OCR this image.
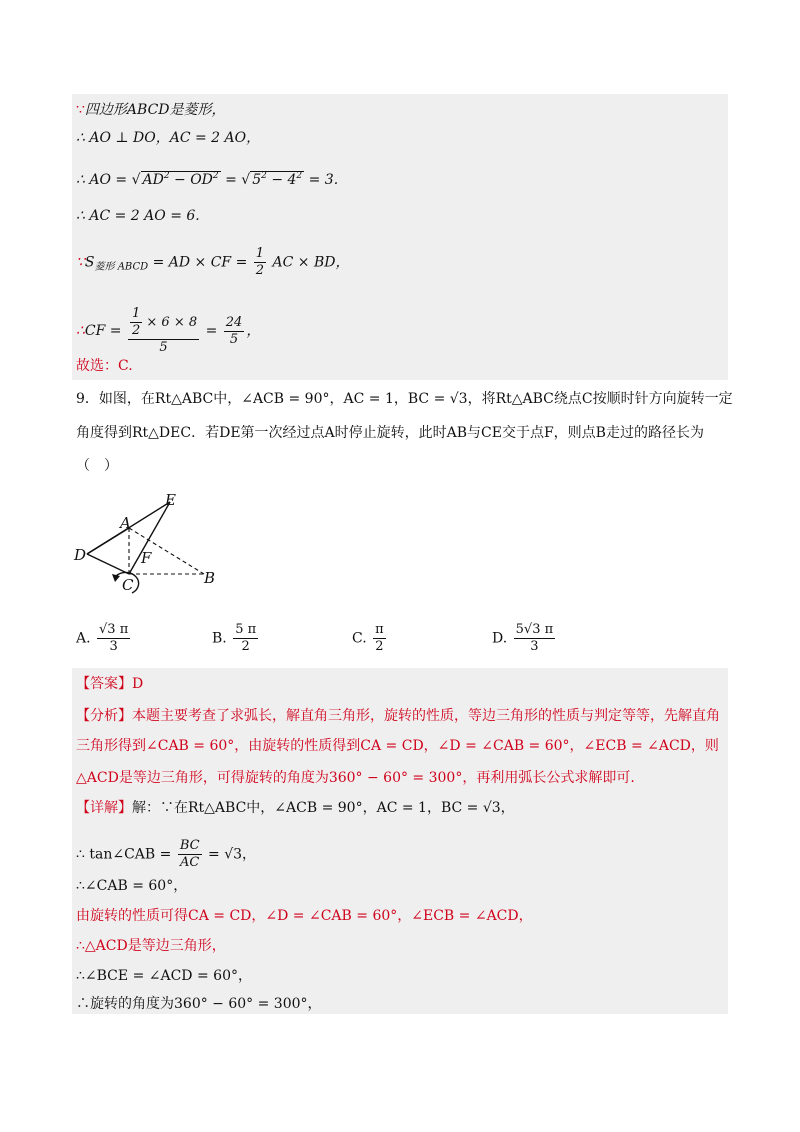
∵四边形ABCD是菱形，
∴ AO ⊥ DO，AC = 2 AO，
∴ AO = √ $AD^2 - OD^2$ = √ $5^2 - 4^2 = 3$.
∴ AC = 2 AO = 6.
$\because S_{菱形 ABCD}$ = AD × CF = $\frac{1}{2}$ AC × BD，
∴CF = $\frac{\frac{1}{2} \times 6 \times 8}{5} = \frac{24}{5}$ ，
故选：C.
9．如图，在Rt△ABC中，∠ACB = 90°，AC = 1，BC = √3，将Rt△ABC绕点C按顺时针方向旋转一定
角度得到Rt△DEC．若DE第一次经过点A时停止旋转，此时AB与CE交于点F，则点B走过的路径长为
（　）
E
A
D	F
C	B
A. $\frac{√3 \pi}{3}$	B. $\frac{5 \pi}{2}$	C. $\frac{\pi}{2}$	D. $\frac{5√3 \pi}{3}$
【答案】D
【分析】本题主要考查了求弧长，解直角三角形，旋转的性质，等边三角形的性质与判定等等，先解直角
三角形得到∠CAB = 60°，由旋转的性质得到CA = CD，∠D = ∠CAB = 60°，∠ECB = ∠ACD，则
△ACD是等边三角形，可得旋转的角度为360° − 60° = 300°，再利用弧长公式求解即可.
【详解】解：∵在Rt△ABC中，∠ACB = 90°，AC = 1，BC = √3，
∴ tan∠CAB = $\frac{BC}{AC} = √3$，
∴∠CAB = 60°，
由旋转的性质可得CA = CD，∠D = ∠CAB = 60°，∠ECB = ∠ACD，
∴△ACD是等边三角形，
∴∠BCE = ∠ACD = 60°，
∴旋转的角度为360° − 60° = 300°，
